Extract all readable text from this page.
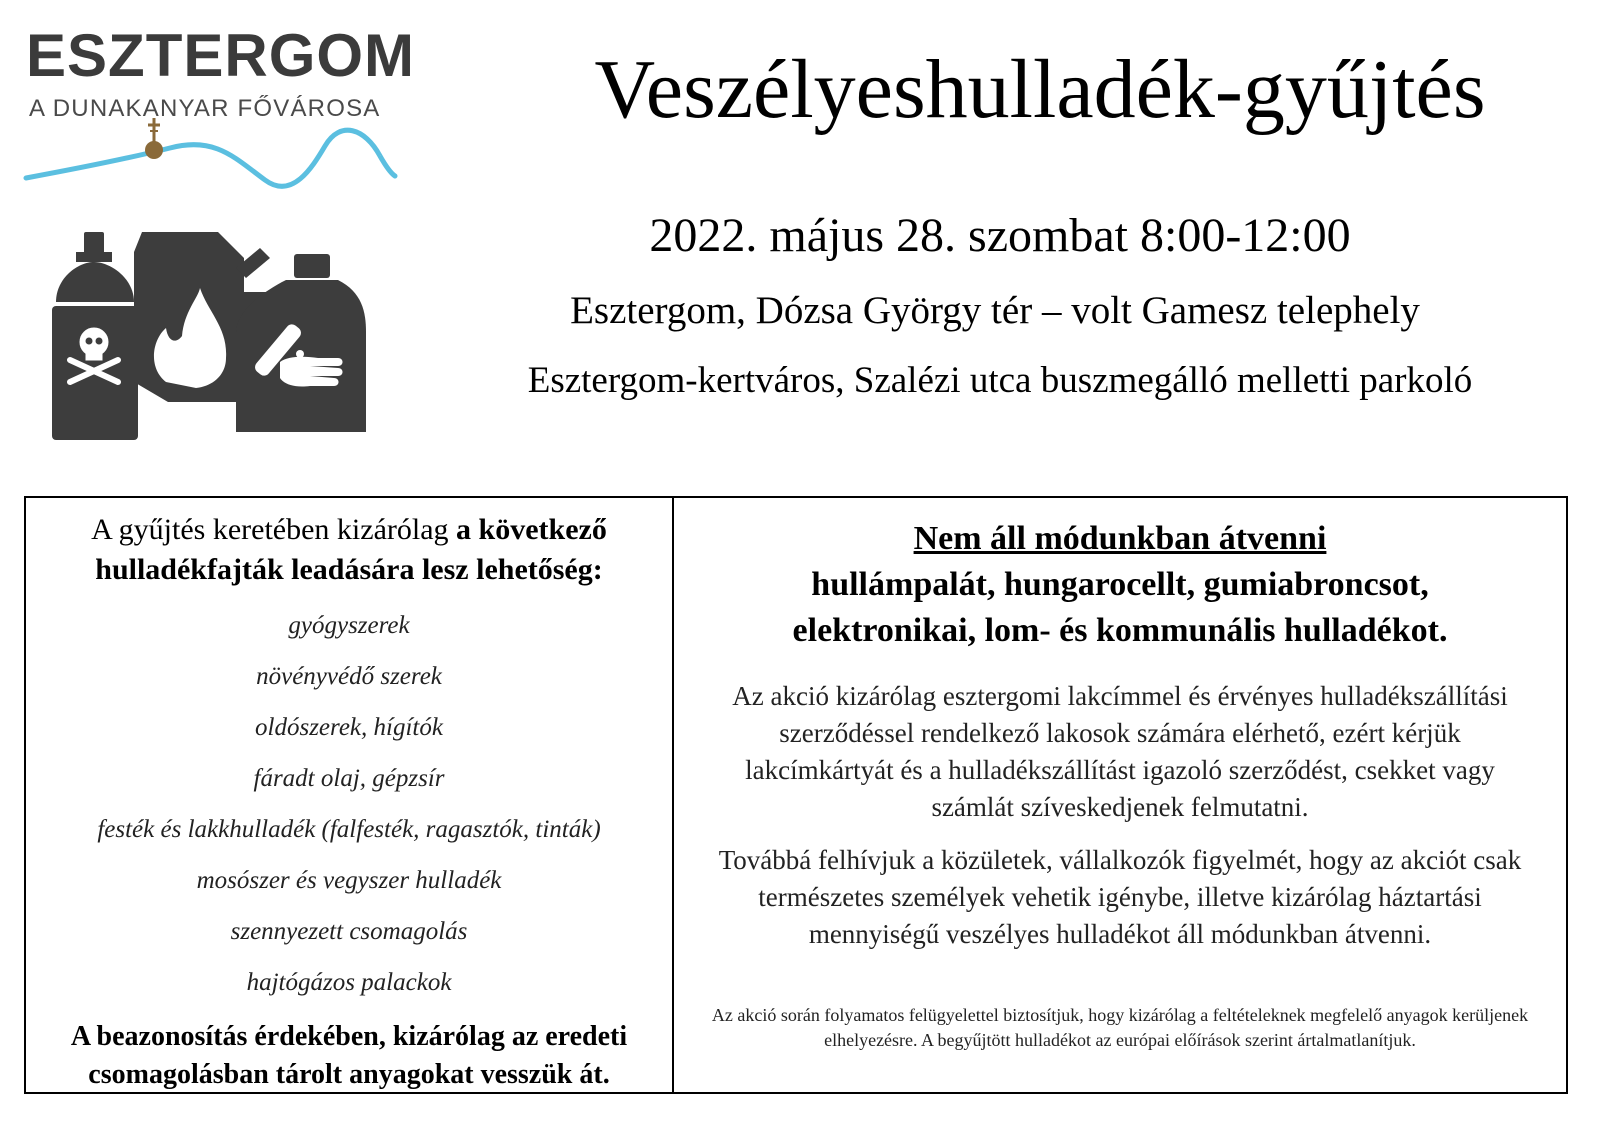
ESZTERGOM

A DUNAKANYAR FŐVÁROSA	Veszélyeshulladék-gyűjtés
2022. május 28. szombat 8:00-12:00
Esztergom, Dózsa György tér – volt Gamesz telephely
Esztergom-kertváros, Szalézi utca buszmegálló melletti parkoló

A gyűjtés keretében kizárólag a következő hulladékfajták leadására lesz lehetőség:

gyógyszerek
növényvédő szerek
oldószerek, hígítók
fáradt olaj, gépzsír
festék és lakkhulladék (falfesték, ragasztók, tinták)
mosószer és vegyszer hulladék
szennyezett csomagolás
hajtógázos palackok

A beazonosítás érdekében, kizárólag az eredeti csomagolásban tárolt anyagokat vesszük át.

Nem áll módunkban átvenni

hullámpalát, hungarocellt, gumiabroncsot,

elektronikai, lom- és kommunális hulladékot.

Az akció kizárólag esztergomi lakcímmel és érvényes hulladékszállítási szerződéssel rendelkező lakosok számára elérhető, ezért kérjük lakcímkártyát és a hulladékszállítást igazoló szerződést, csekket vagy számlát szíveskedjenek felmutatni.

Továbbá felhívjuk a közületek, vállalkozók figyelmét, hogy az akciót csak természetes személyek vehetik igénybe, illetve kizárólag háztartási mennyiségű veszélyes hulladékot áll módunkban átvenni.

Az akció során folyamatos felügyelettel biztosítjuk, hogy kizárólag a feltételeknek megfelelő anyagok kerüljenek elhelyezésre. A begyűjtött hulladékot az európai előírások szerint ártalmatlanítjuk.
